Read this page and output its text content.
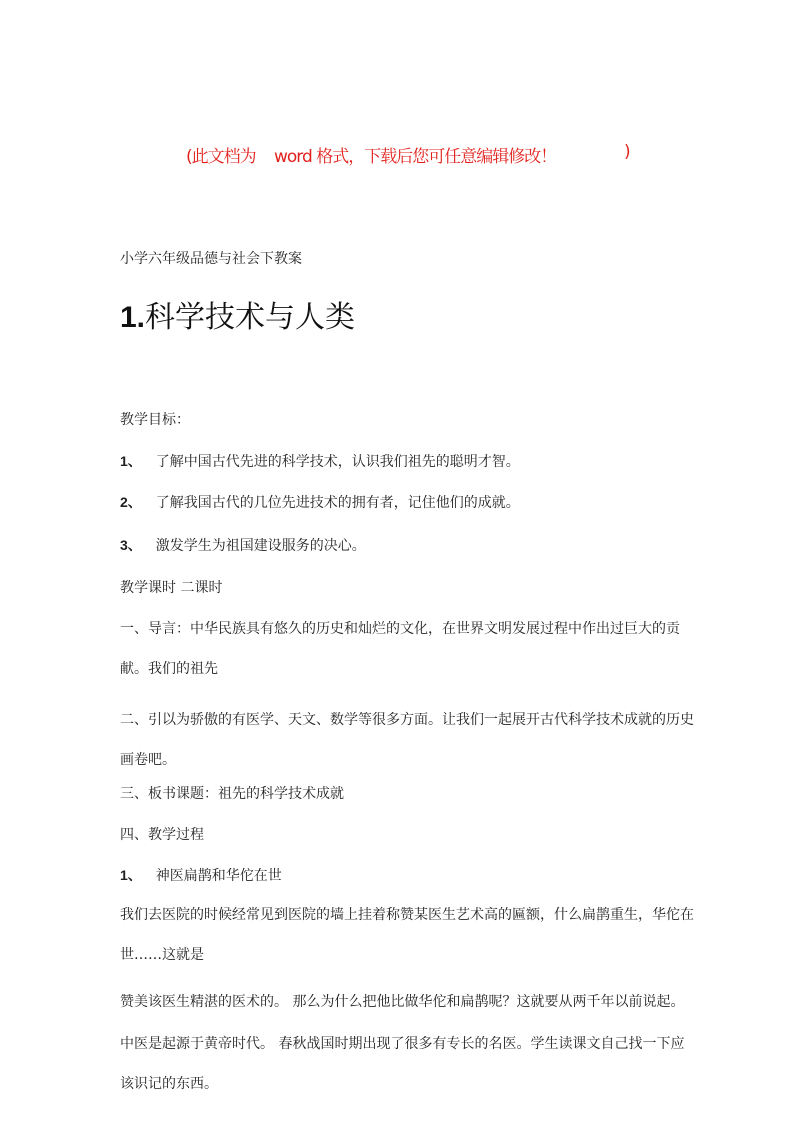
(此文档为 word 格式，下载后您可任意编辑修改！	)
小学六年级品德与社会下教案
1.科学技术与人类
教学目标：
1、 了解中国古代先进的科学技术，认识我们祖先的聪明才智。
2、 了解我国古代的几位先进技术的拥有者，记住他们的成就。
3、 激发学生为祖国建设服务的决心。
教学课时 二课时
一、导言：中华民族具有悠久的历史和灿烂的文化，在世界文明发展过程中作出过巨大的贡献。我们的祖先
二、引以为骄傲的有医学、天文、数学等很多方面。让我们一起展开古代科学技术成就的历史画卷吧。
三、板书课题：祖先的科学技术成就
四、教学过程
1、 神医扁鹊和华佗在世
我们去医院的时候经常见到医院的墙上挂着称赞某医生艺术高的匾额，什么扁鹊重生，华佗在世……这就是
赞美该医生精湛的医术的。 那么为什么把他比做华佗和扁鹊呢？这就要从两千年以前说起。
中医是起源于黄帝时代。 春秋战国时期出现了很多有专长的名医。学生读课文自己找一下应该识记的东西。
